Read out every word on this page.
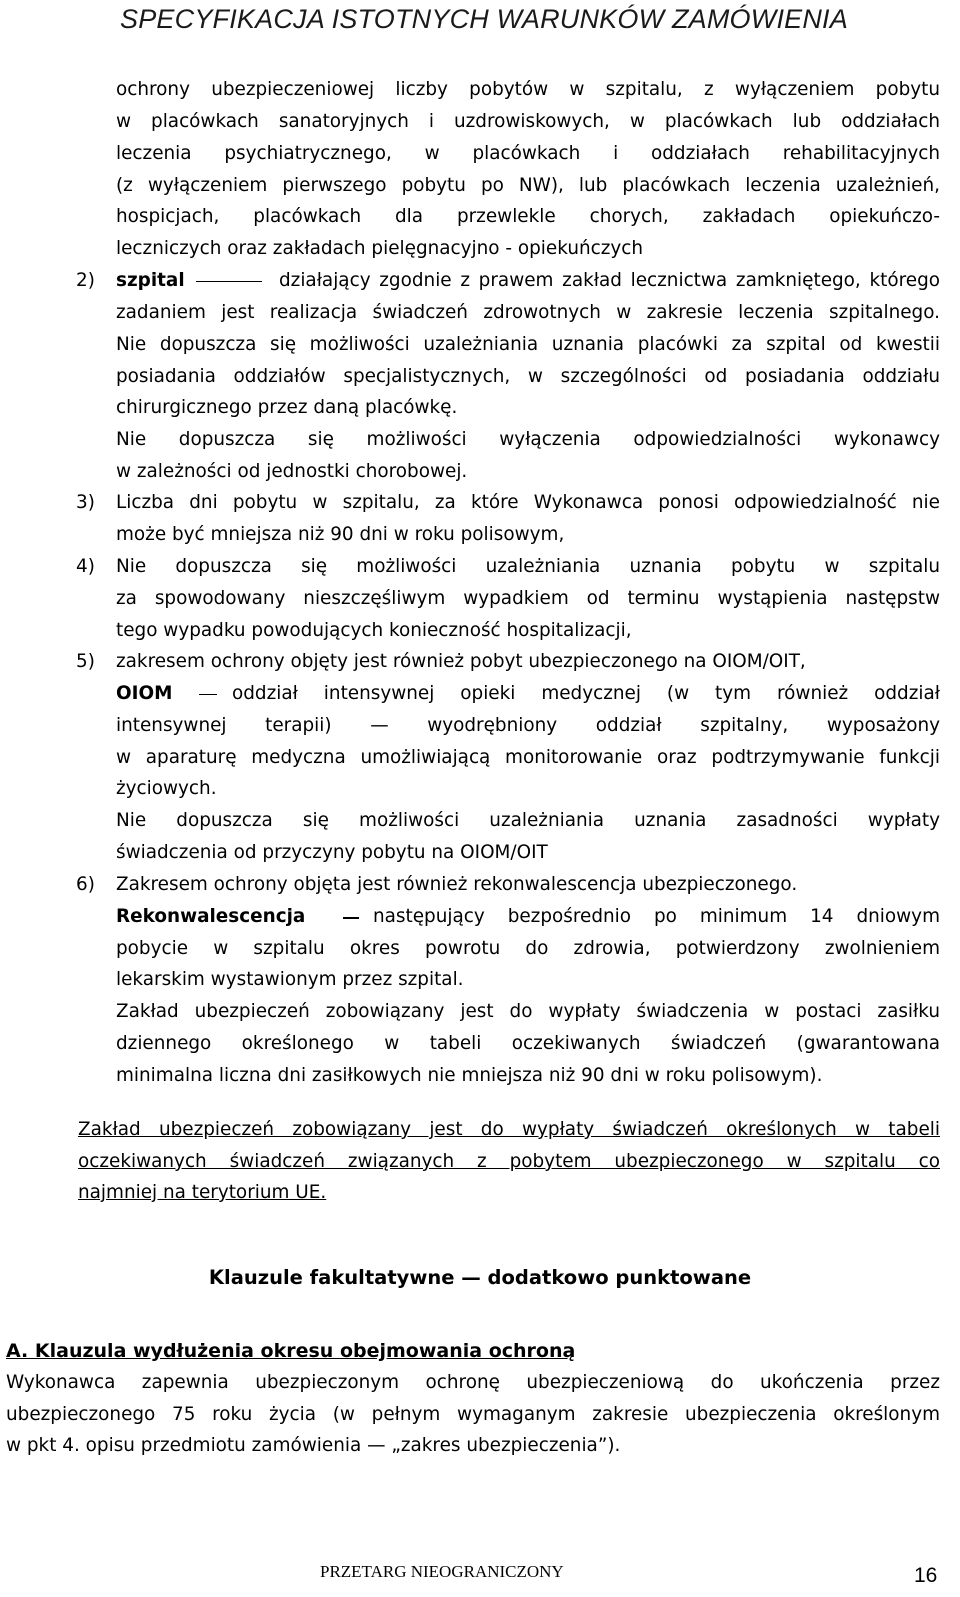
SPECYFIKACJA ISTOTNYCH WARUNKÓW ZAMÓWIENIA
ochrony ubezpieczeniowej liczby pobytów w szpitalu, z wyłączeniem pobytu
w placówkach sanatoryjnych i uzdrowiskowych, w placówkach lub oddziałach
leczenia psychiatrycznego, w placówkach i oddziałach rehabilitacyjnych
(z wyłączeniem pierwszego pobytu po NW), lub placówkach leczenia uzależnień,
hospicjach, placówkach dla przewlekle chorych, zakładach opiekuńczo-
leczniczych oraz zakładach pielęgnacyjno - opiekuńczych
2) szpital	działający zgodnie z prawem zakład lecznictwa zamkniętego, którego
zadaniem jest realizacja świadczeń zdrowotnych w zakresie leczenia szpitalnego.
Nie dopuszcza się możliwości uzależniania uznania placówki za szpital od kwestii
posiadania oddziałów specjalistycznych, w szczególności od posiadania oddziału
chirurgicznego przez daną placówkę.
Nie dopuszcza się możliwości wyłączenia odpowiedzialności wykonawcy
w zależności od jednostki chorobowej.
3) Liczba dni pobytu w szpitalu, za które Wykonawca ponosi odpowiedzialność nie
może być mniejsza niż 90 dni w roku polisowym,
4) Nie dopuszcza się możliwości uzależniania uznania pobytu w szpitalu
za spowodowany nieszczęśliwym wypadkiem od terminu wystąpienia następstw
tego wypadku powodujących konieczność hospitalizacji,
5) zakresem ochrony objęty jest również pobyt ubezpieczonego na OIOM/OIT,
OIOM	oddział intensywnej opieki medycznej (w tym również oddział
intensywnej terapii) — wyodrębniony oddział szpitalny, wyposażony
w aparaturę medyczna umożliwiającą monitorowanie oraz podtrzymywanie funkcji
życiowych.
Nie dopuszcza się możliwości uzależniania uznania zasadności wypłaty
świadczenia od przyczyny pobytu na OIOM/OIT
6) Zakresem ochrony objęta jest również rekonwalescencja ubezpieczonego.
Rekonwalescencja	następujący bezpośrednio po minimum 14 dniowym
pobycie w szpitalu okres powrotu do zdrowia, potwierdzony zwolnieniem
lekarskim wystawionym przez szpital.
Zakład ubezpieczeń zobowiązany jest do wypłaty świadczenia w postaci zasiłku
dziennego określonego w tabeli oczekiwanych świadczeń (gwarantowana
minimalna liczna dni zasiłkowych nie mniejsza niż 90 dni w roku polisowym).
Zakład ubezpieczeń zobowiązany jest do wypłaty świadczeń określonych w tabeli
oczekiwanych świadczeń związanych z pobytem ubezpieczonego w szpitalu co
najmniej na terytorium UE.
Klauzule fakultatywne — dodatkowo punktowane
A. Klauzula wydłużenia okresu obejmowania ochroną
Wykonawca zapewnia ubezpieczonym ochronę ubezpieczeniową do ukończenia przez
ubezpieczonego 75 roku życia (w pełnym wymaganym zakresie ubezpieczenia określonym
w pkt 4. opisu przedmiotu zamówienia — „zakres ubezpieczenia”).
PRZETARG NIEOGRANICZONY	16
